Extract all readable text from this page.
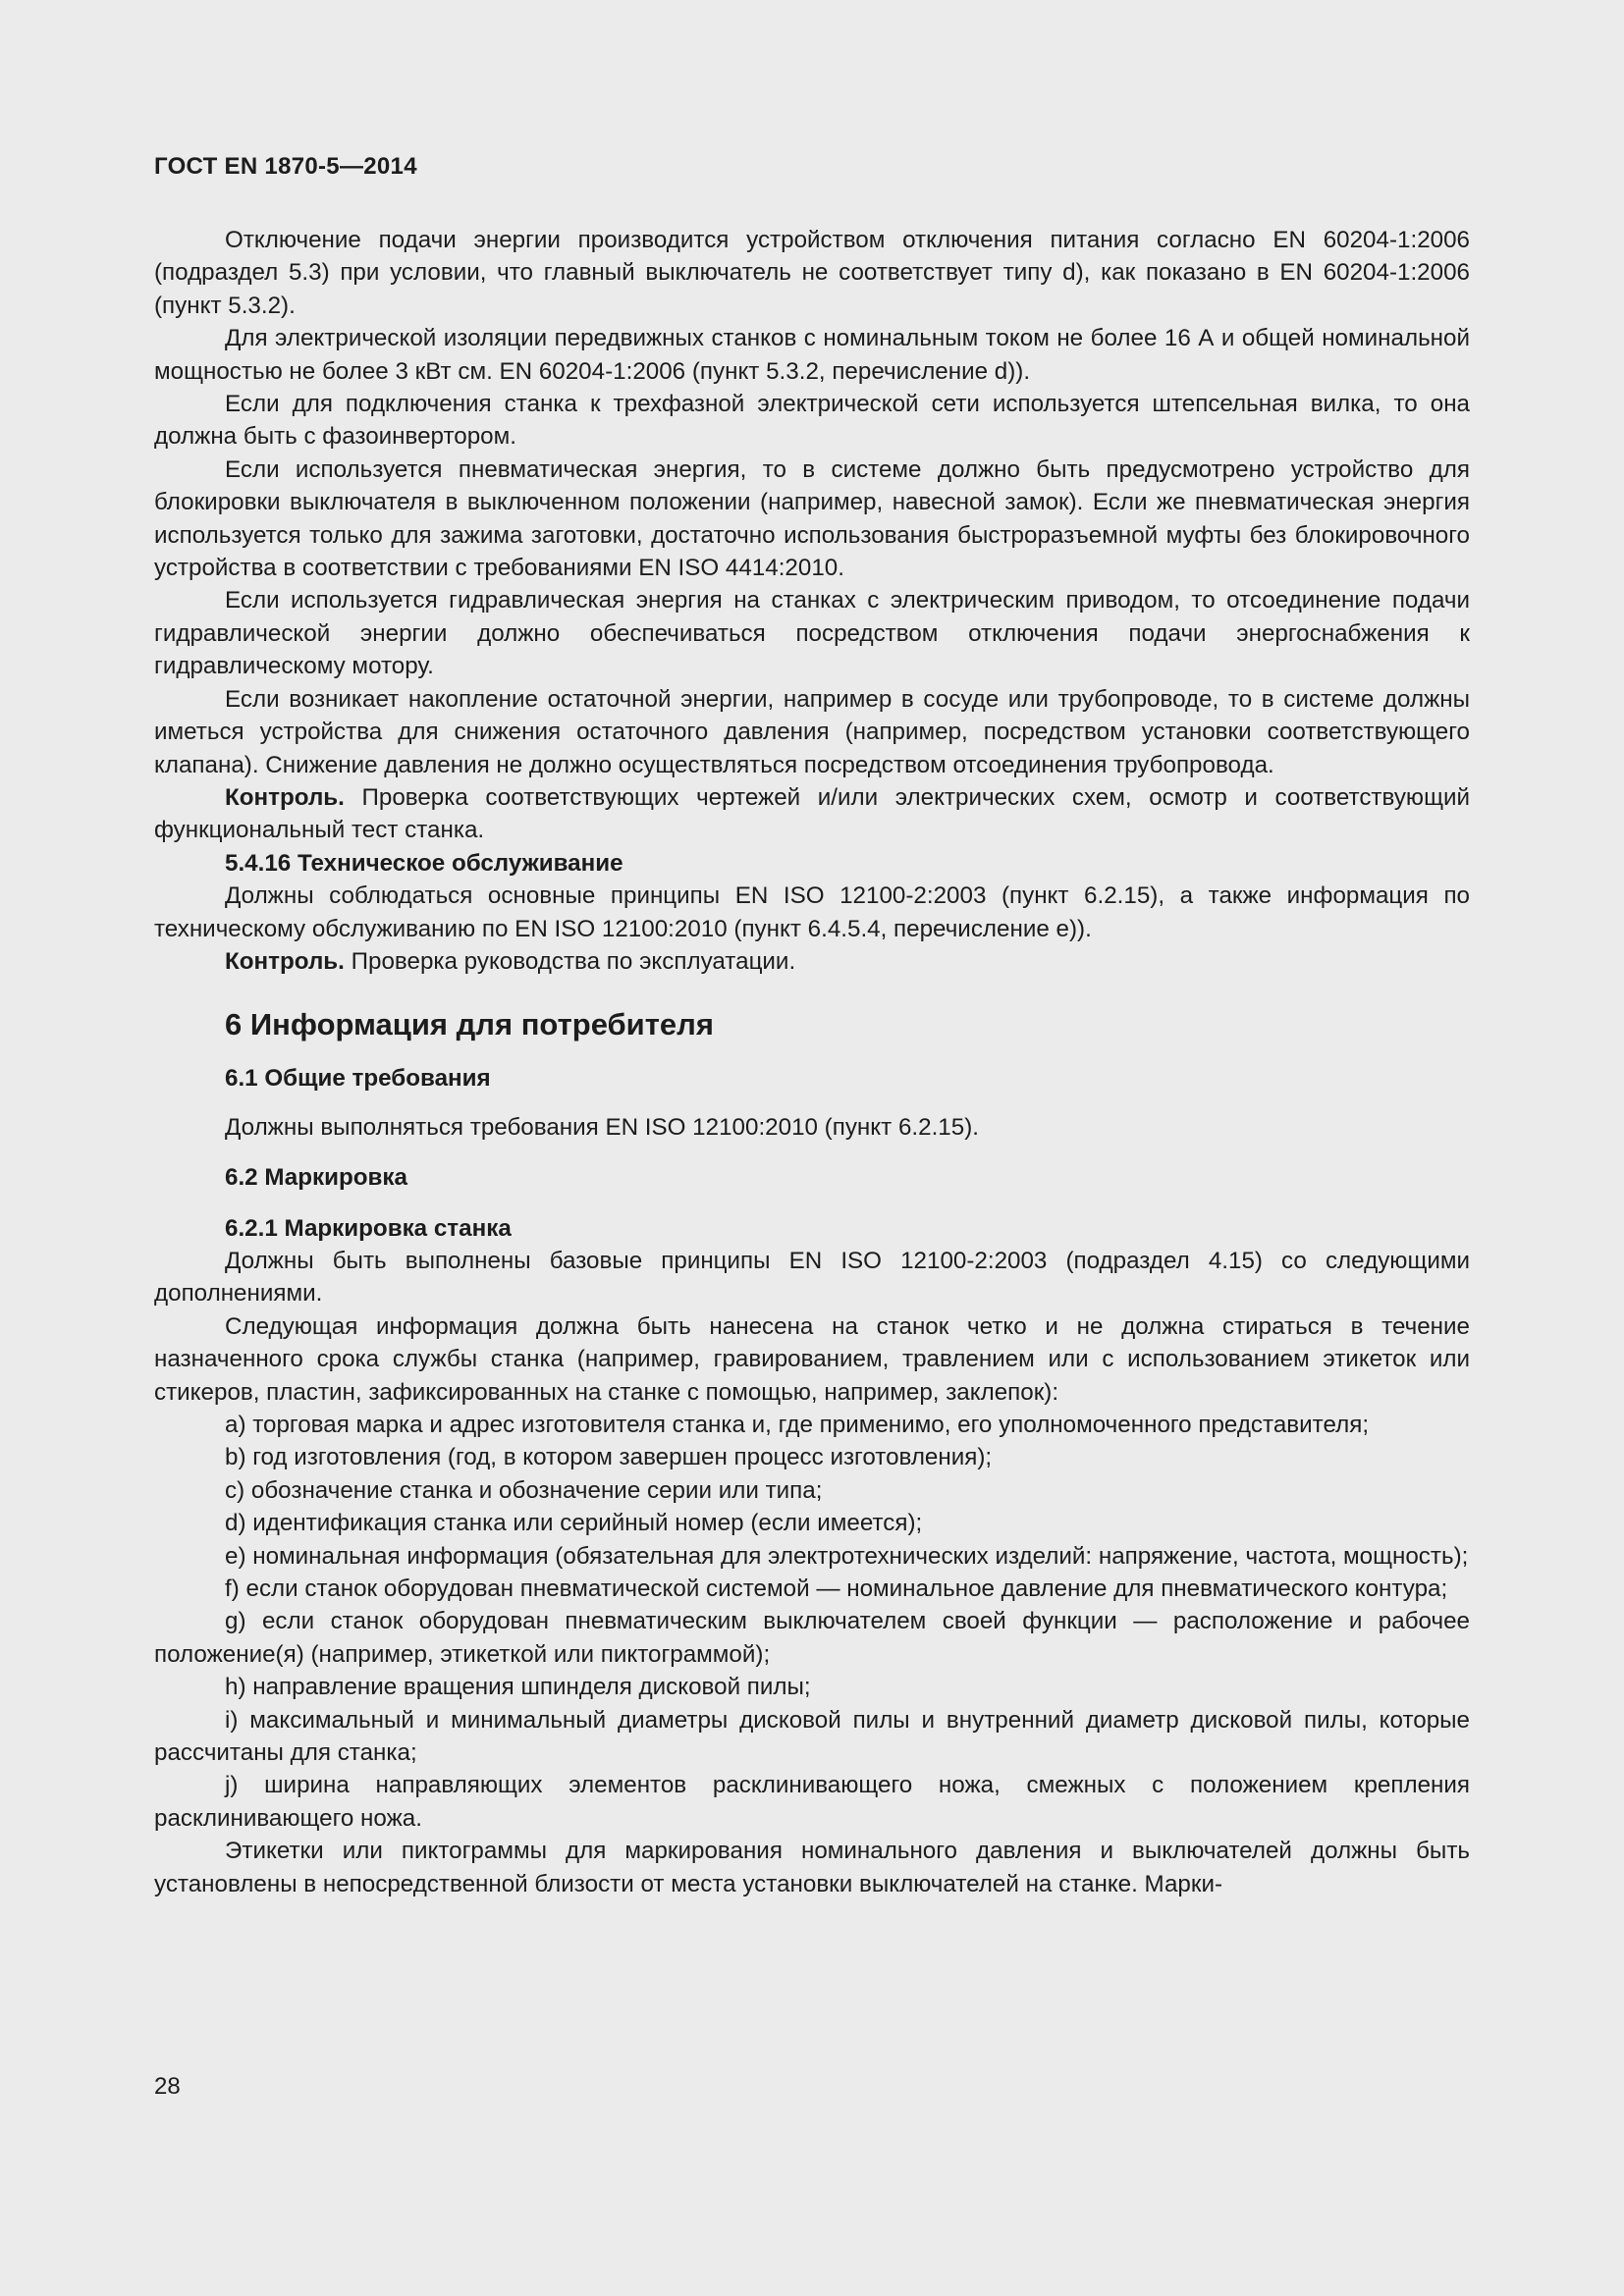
ГОСТ EN 1870-5—2014

Отключение подачи энергии производится устройством отключения питания согласно EN 60204-1:2006 (подраздел 5.3) при условии, что главный выключатель не соответствует типу d), как показано в EN 60204-1:2006 (пункт 5.3.2).

Для электрической изоляции передвижных станков с номинальным током не более 16 А и общей номинальной мощностью не более 3 кВт см. EN 60204-1:2006 (пункт 5.3.2, перечисление d)).

Если для подключения станка к трехфазной электрической сети используется штепсельная вилка, то она должна быть с фазоинвертором.

Если используется пневматическая энергия, то в системе должно быть предусмотрено устройство для блокировки выключателя в выключенном положении (например, навесной замок). Если же пневматическая энергия используется только для зажима заготовки, достаточно использования быстроразъемной муфты без блокировочного устройства в соответствии с требованиями EN ISO 4414:2010.

Если используется гидравлическая энергия на станках с электрическим приводом, то отсоединение подачи гидравлической энергии должно обеспечиваться посредством отключения подачи энергоснабжения к гидравлическому мотору.

Если возникает накопление остаточной энергии, например в сосуде или трубопроводе, то в системе должны иметься устройства для снижения остаточного давления (например, посредством установки соответствующего клапана). Снижение давления не должно осуществляться посредством отсоединения трубопровода.

Контроль. Проверка соответствующих чертежей и/или электрических схем, осмотр и соответствующий функциональный тест станка.

5.4.16 Техническое обслуживание

Должны соблюдаться основные принципы EN ISO 12100-2:2003 (пункт 6.2.15), а также информация по техническому обслуживанию по EN ISO 12100:2010 (пункт 6.4.5.4, перечисление е)).

Контроль. Проверка руководства по эксплуатации.

6 Информация для потребителя
6.1 Общие требования

Должны выполняться требования EN ISO 12100:2010 (пункт 6.2.15).

6.2 Маркировка
6.2.1 Маркировка станка

Должны быть выполнены базовые принципы EN ISO 12100-2:2003 (подраздел 4.15) со следующими дополнениями.

Следующая информация должна быть нанесена на станок четко и не должна стираться в течение назначенного срока службы станка (например, гравированием, травлением или с использованием этикеток или стикеров, пластин, зафиксированных на станке с помощью, например, заклепок):

а) торговая марка и адрес изготовителя станка и, где применимо, его уполномоченного представителя;

b) год изготовления (год, в котором завершен процесс изготовления);

с) обозначение станка и обозначение серии или типа;

d) идентификация станка или серийный номер (если имеется);

е) номинальная информация (обязательная для электротехнических изделий: напряжение, частота, мощность);

f) если станок оборудован пневматической системой — номинальное давление для пневматического контура;

g) если станок оборудован пневматическим выключателем своей функции — расположение и рабочее положение(я) (например, этикеткой или пиктограммой);

h) направление вращения шпинделя дисковой пилы;

i) максимальный и минимальный диаметры дисковой пилы и внутренний диаметр дисковой пилы, которые рассчитаны для станка;

j) ширина направляющих элементов расклинивающего ножа, смежных с положением крепления расклинивающего ножа.

Этикетки или пиктограммы для маркирования номинального давления и выключателей должны быть установлены в непосредственной близости от места установки выключателей на станке. Марки-

28
